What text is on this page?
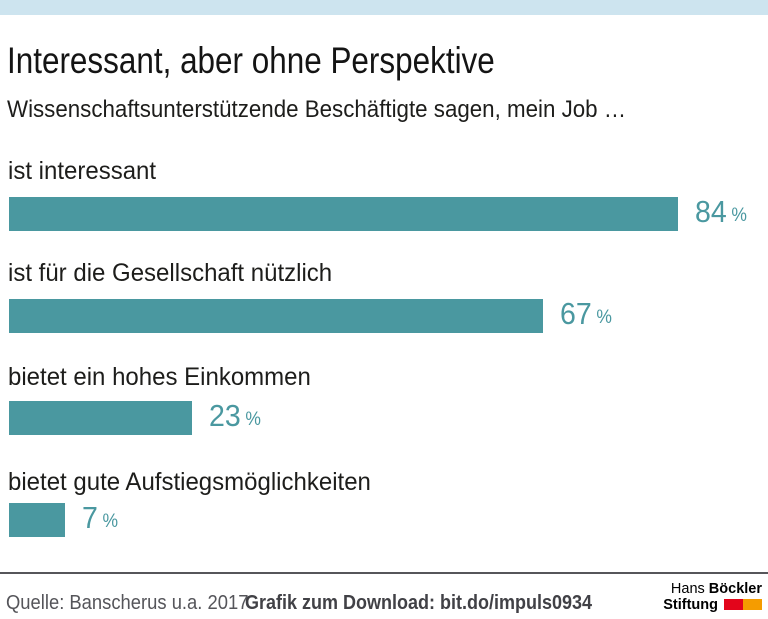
Interessant, aber ohne Perspektive
Wissenschaftsunterstützende Beschäftigte sagen, mein Job …
ist interessant
84 %
ist für die Gesellschaft nützlich
67 %
bietet ein hohes Einkommen
23 %
bietet gute Aufstiegsmöglichkeiten
7 %
Quelle: Banscherus u.a. 2017
Grafik zum Download: bit.do/impuls0934
Hans Böckler
Stiftung
